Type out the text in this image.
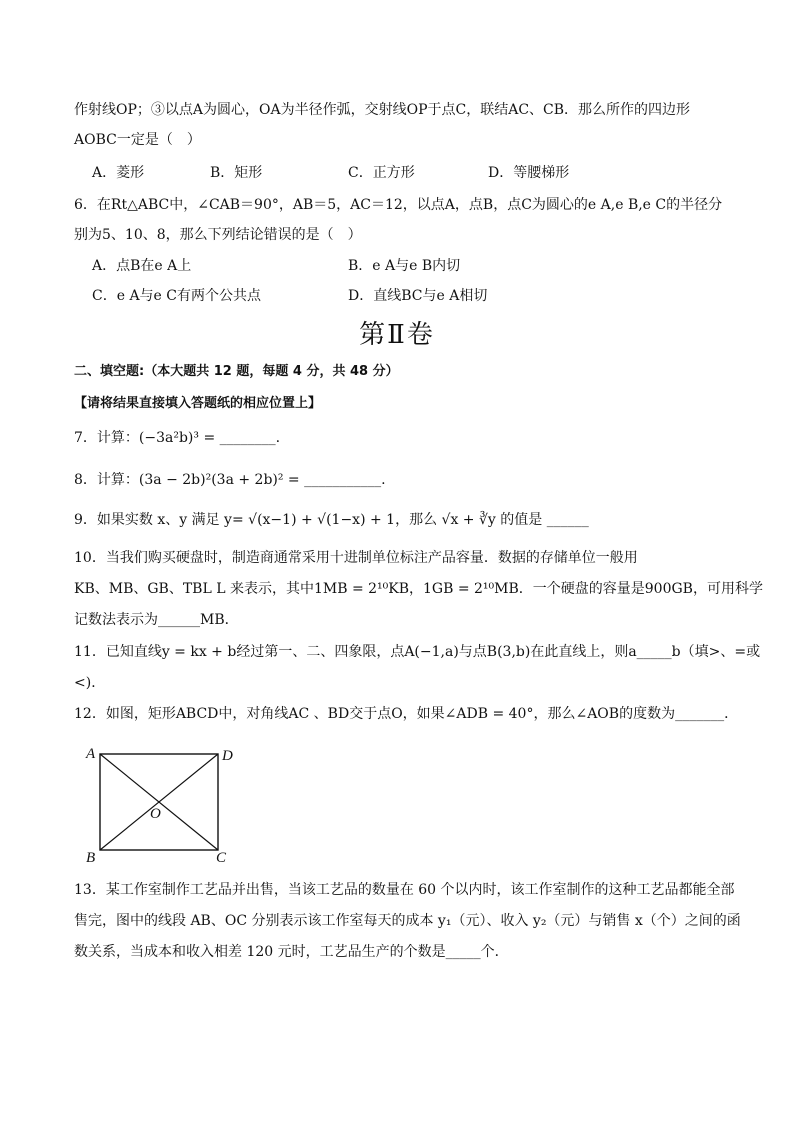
作射线OP；③以点A为圆心，OA为半径作弧，交射线OP于点C，联结AC、CB．那么所作的四边形
AOBC一定是（　）
A．菱形	B．矩形	C．正方形	D．等腰梯形
6．在Rt△ABC中，∠CAB＝90°，AB＝5，AC＝12，以点A，点B，点C为圆心的e A,e B,e C的半径分
别为5、10、8，那么下列结论错误的是（　）
A．点B在e A上	B．e A与e B内切
C．e A与e C有两个公共点	D．直线BC与e A相切
第Ⅱ卷
二、填空题:（本大题共 12 题，每题 4 分，共 48 分）
【请将结果直接填入答题纸的相应位置上】
7．计算：(−3a²b)³ = ________.
8．计算：(3a − 2b)²(3a + 2b)² = ___________.
9．如果实数 x、y 满足 y= √(x−1) + √(1−x) + 1，那么 √x + ∛y 的值是 ______
10．当我们购买硬盘时，制造商通常采用十进制单位标注产品容量．数据的存储单位一般用
KB、MB、GB、TBL L 来表示，其中1MB = 2¹⁰KB，1GB = 2¹⁰MB．一个硬盘的容量是900GB，可用科学
记数法表示为______MB．
11．已知直线y = kx + b经过第一、二、四象限，点A(−1,a)与点B(3,b)在此直线上，则a_____b（填>、=或
<)．
12．如图，矩形ABCD中，对角线AC 、BD交于点O，如果∠ADB = 40°，那么∠AOB的度数为_______．
A	D
B	C
O
13．某工作室制作工艺品并出售，当该工艺品的数量在 60 个以内时，该工作室制作的这种工艺品都能全部
售完，图中的线段 AB、OC 分别表示该工作室每天的成本 y₁（元）、收入 y₂（元）与销售 x（个）之间的函
数关系，当成本和收入相差 120 元时，工艺品生产的个数是_____个．
